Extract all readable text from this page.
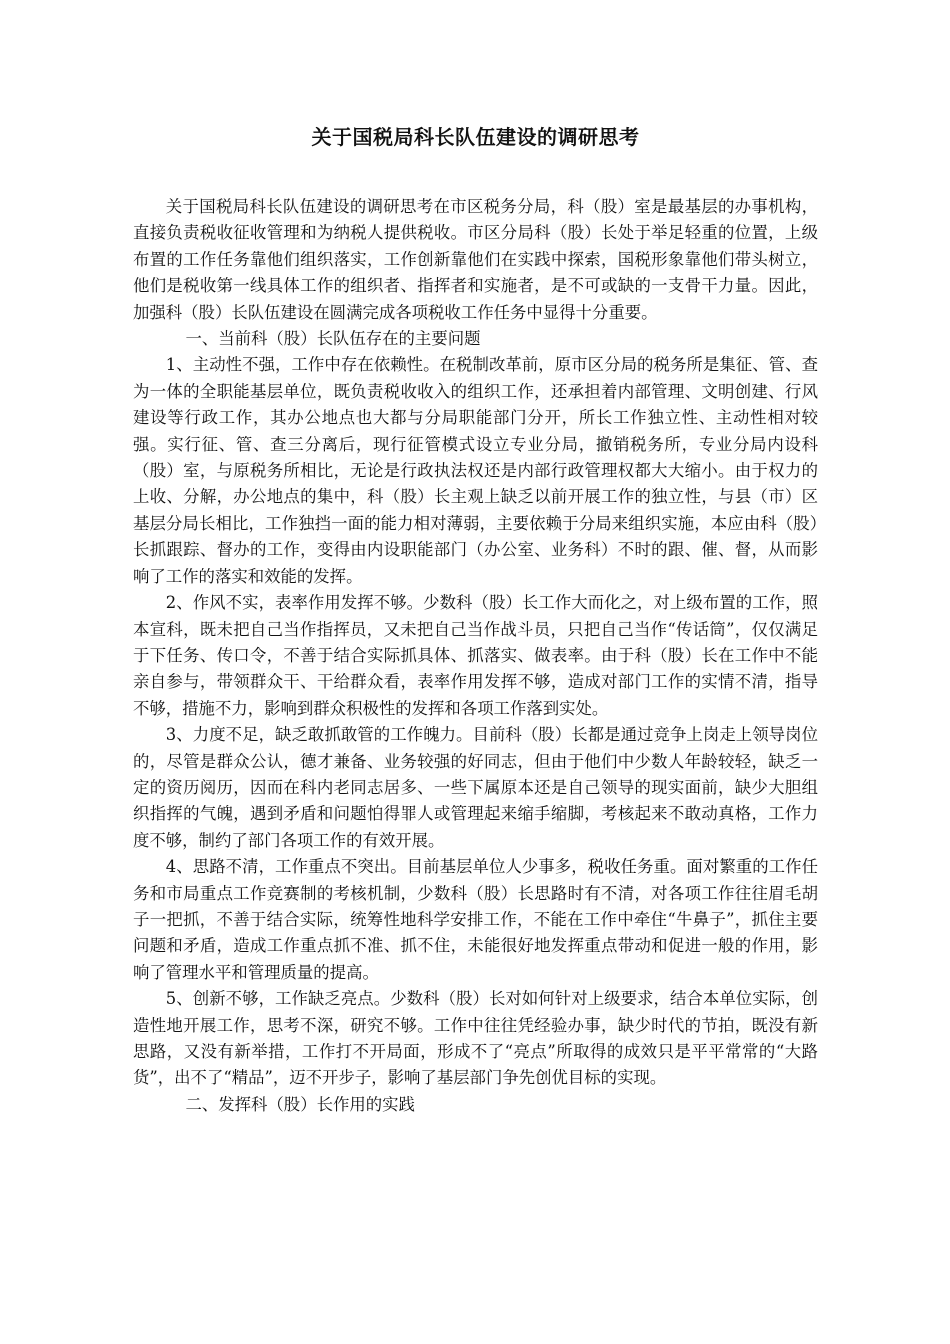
关于国税局科长队伍建设的调研思考

关于国税局科长队伍建设的调研思考在市区税务分局，科（股）室是最基层的办事机构，直接负责税收征收管理和为纳税人提供税收。市区分局科（股）长处于举足轻重的位置，上级布置的工作任务靠他们组织落实，工作创新靠他们在实践中探索，国税形象靠他们带头树立，他们是税收第一线具体工作的组织者、指挥者和实施者，是不可或缺的一支骨干力量。因此，加强科（股）长队伍建设在圆满完成各项税收工作任务中显得十分重要。

一、当前科（股）长队伍存在的主要问题

1、主动性不强，工作中存在依赖性。在税制改革前，原市区分局的税务所是集征、管、查为一体的全职能基层单位，既负责税收收入的组织工作，还承担着内部管理、文明创建、行风建设等行政工作，其办公地点也大都与分局职能部门分开，所长工作独立性、主动性相对较强。实行征、管、查三分离后，现行征管模式设立专业分局，撤销税务所，专业分局内设科（股）室，与原税务所相比，无论是行政执法权还是内部行政管理权都大大缩小。由于权力的上收、分解，办公地点的集中，科（股）长主观上缺乏以前开展工作的独立性，与县（市）区基层分局长相比，工作独挡一面的能力相对薄弱，主要依赖于分局来组织实施，本应由科（股）长抓跟踪、督办的工作，变得由内设职能部门（办公室、业务科）不时的跟、催、督，从而影响了工作的落实和效能的发挥。

2、作风不实，表率作用发挥不够。少数科（股）长工作大而化之，对上级布置的工作，照本宣科，既未把自己当作指挥员，又未把自己当作战斗员，只把自己当作“传话筒”，仅仅满足于下任务、传口令，不善于结合实际抓具体、抓落实、做表率。由于科（股）长在工作中不能亲自参与，带领群众干、干给群众看，表率作用发挥不够，造成对部门工作的实情不清，指导不够，措施不力，影响到群众积极性的发挥和各项工作落到实处。

3、力度不足，缺乏敢抓敢管的工作魄力。目前科（股）长都是通过竞争上岗走上领导岗位的，尽管是群众公认，德才兼备、业务较强的好同志，但由于他们中少数人年龄较轻，缺乏一定的资历阅历，因而在科内老同志居多、一些下属原本还是自己领导的现实面前，缺少大胆组织指挥的气魄，遇到矛盾和问题怕得罪人或管理起来缩手缩脚，考核起来不敢动真格，工作力度不够，制约了部门各项工作的有效开展。

4、思路不清，工作重点不突出。目前基层单位人少事多，税收任务重。面对繁重的工作任务和市局重点工作竞赛制的考核机制，少数科（股）长思路时有不清，对各项工作往往眉毛胡子一把抓，不善于结合实际，统筹性地科学安排工作，不能在工作中牵住“牛鼻子”，抓住主要问题和矛盾，造成工作重点抓不准、抓不住，未能很好地发挥重点带动和促进一般的作用，影响了管理水平和管理质量的提高。

5、创新不够，工作缺乏亮点。少数科（股）长对如何针对上级要求，结合本单位实际，创造性地开展工作，思考不深，研究不够。工作中往往凭经验办事，缺少时代的节拍，既没有新思路，又没有新举措，工作打不开局面，形成不了“亮点”所取得的成效只是平平常常的“大路货”，出不了“精品”，迈不开步子，影响了基层部门争先创优目标的实现。

二、发挥科（股）长作用的实践
